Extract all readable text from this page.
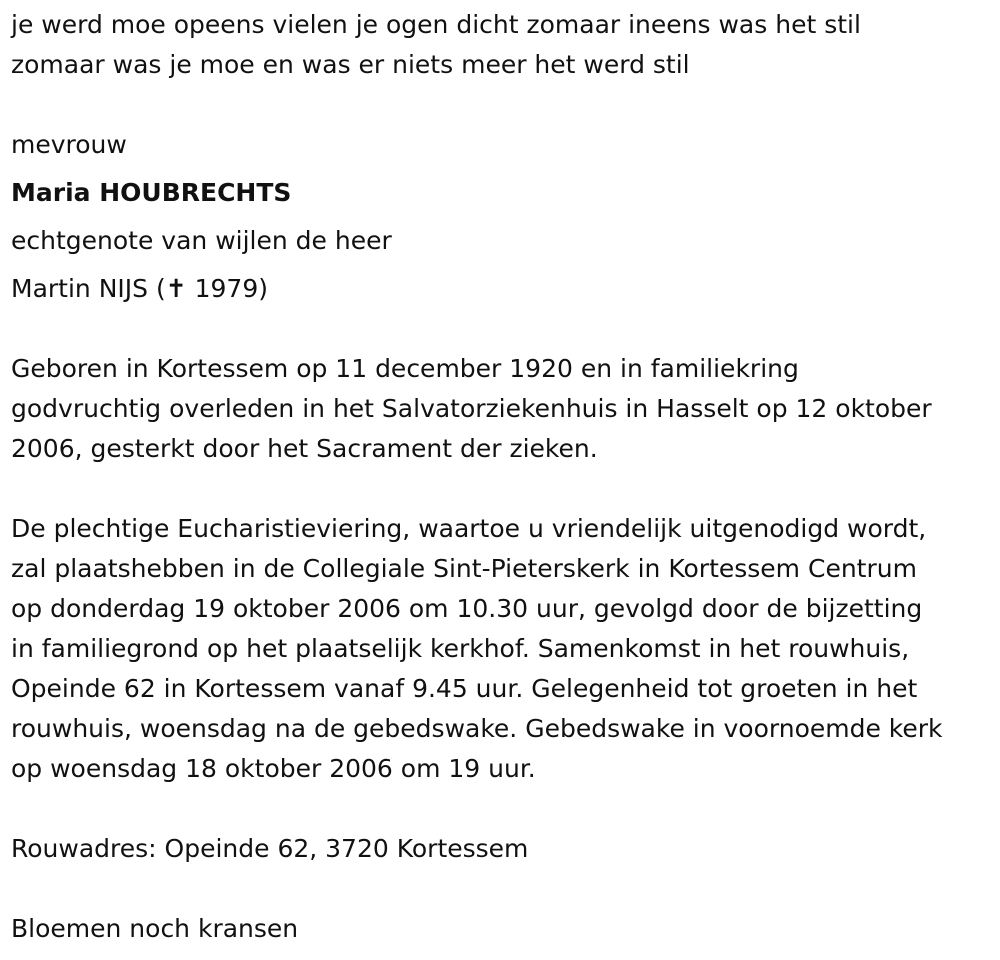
je werd moe opeens vielen je ogen dicht zomaar ineens was het stil
zomaar was je moe en was er niets meer het werd stil
mevrouw
Maria HOUBRECHTS
echtgenote van wijlen de heer
Martin NIJS (✝ 1979)
Geboren in Kortessem op 11 december 1920 en in familiekring
godvruchtig overleden in het Salvatorziekenhuis in Hasselt op 12 oktober
2006, gesterkt door het Sacrament der zieken.
De plechtige Eucharistieviering, waartoe u vriendelijk uitgenodigd wordt,
zal plaatshebben in de Collegiale Sint-Pieterskerk in Kortessem Centrum
op donderdag 19 oktober 2006 om 10.30 uur, gevolgd door de bijzetting
in familiegrond op het plaatselijk kerkhof. Samenkomst in het rouwhuis,
Opeinde 62 in Kortessem vanaf 9.45 uur. Gelegenheid tot groeten in het
rouwhuis, woensdag na de gebedswake. Gebedswake in voornoemde kerk
op woensdag 18 oktober 2006 om 19 uur.
Rouwadres: Opeinde 62, 3720 Kortessem
Bloemen noch kransen
